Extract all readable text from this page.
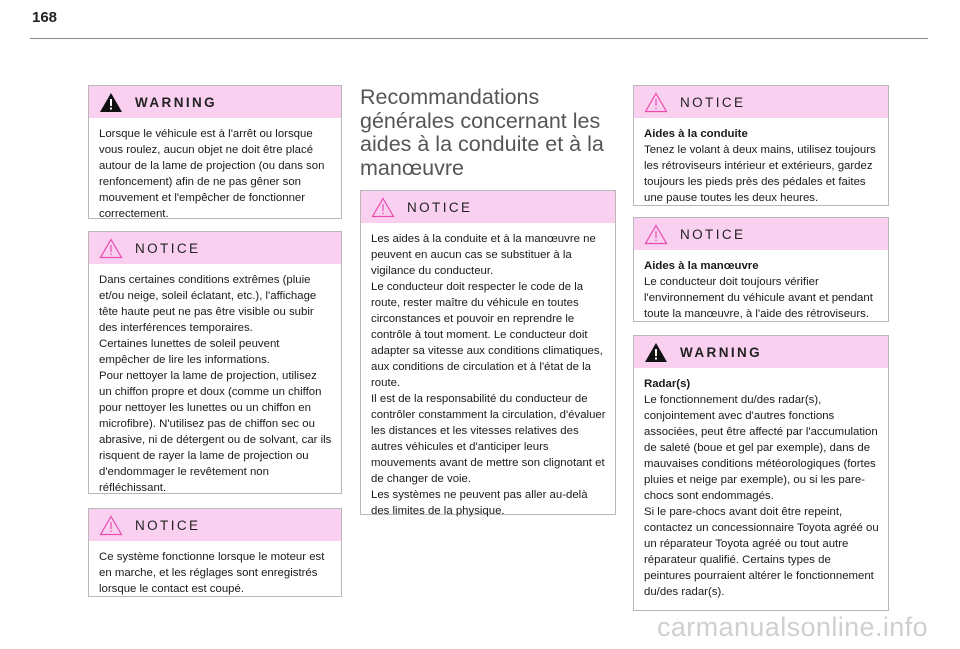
168
WARNING
Lorsque le véhicule est à l'arrêt ou lorsque vous roulez, aucun objet ne doit être placé autour de la lame de projection (ou dans son renfoncement) afin de ne pas gêner son mouvement et l'empêcher de fonctionner correctement.
NOTICE
Dans certaines conditions extrêmes (pluie et/ou neige, soleil éclatant, etc.), l'affichage tête haute peut ne pas être visible ou subir des interférences temporaires.
Certaines lunettes de soleil peuvent empêcher de lire les informations.
Pour nettoyer la lame de projection, utilisez un chiffon propre et doux (comme un chiffon pour nettoyer les lunettes ou un chiffon en microfibre). N'utilisez pas de chiffon sec ou abrasive, ni de détergent ou de solvant, car ils risquent de rayer la lame de projection ou d'endommager le revêtement non réfléchissant.
NOTICE
Ce système fonctionne lorsque le moteur est en marche, et les réglages sont enregistrés lorsque le contact est coupé.
Recommandations générales concernant les aides à la conduite et à la manœuvre
NOTICE
Les aides à la conduite et à la manœuvre ne peuvent en aucun cas se substituer à la vigilance du conducteur.
Le conducteur doit respecter le code de la route, rester maître du véhicule en toutes circonstances et pouvoir en reprendre le contrôle à tout moment. Le conducteur doit adapter sa vitesse aux conditions climatiques, aux conditions de circulation et à l'état de la route.
Il est de la responsabilité du conducteur de contrôler constamment la circulation, d'évaluer les distances et les vitesses relatives des autres véhicules et d'anticiper leurs mouvements avant de mettre son clignotant et de changer de voie.
Les systèmes ne peuvent pas aller au-delà des limites de la physique.
NOTICE
Aides à la conduite
Tenez le volant à deux mains, utilisez toujours les rétroviseurs intérieur et extérieurs, gardez toujours les pieds près des pédales et faites une pause toutes les deux heures.
NOTICE
Aides à la manœuvre
Le conducteur doit toujours vérifier l'environnement du véhicule avant et pendant toute la manœuvre, à l'aide des rétroviseurs.
WARNING
Radar(s)
Le fonctionnement du/des radar(s), conjointement avec d'autres fonctions associées, peut être affecté par l'accumulation de saleté (boue et gel par exemple), dans de mauvaises conditions météorologiques (fortes pluies et neige par exemple), ou si les pare-chocs sont endommagés.
Si le pare-chocs avant doit être repeint, contactez un concessionnaire Toyota agréé ou un réparateur Toyota agréé ou tout autre réparateur qualifié. Certains types de peintures pourraient altérer le fonctionnement du/des radar(s).
carmanualsonline.info
